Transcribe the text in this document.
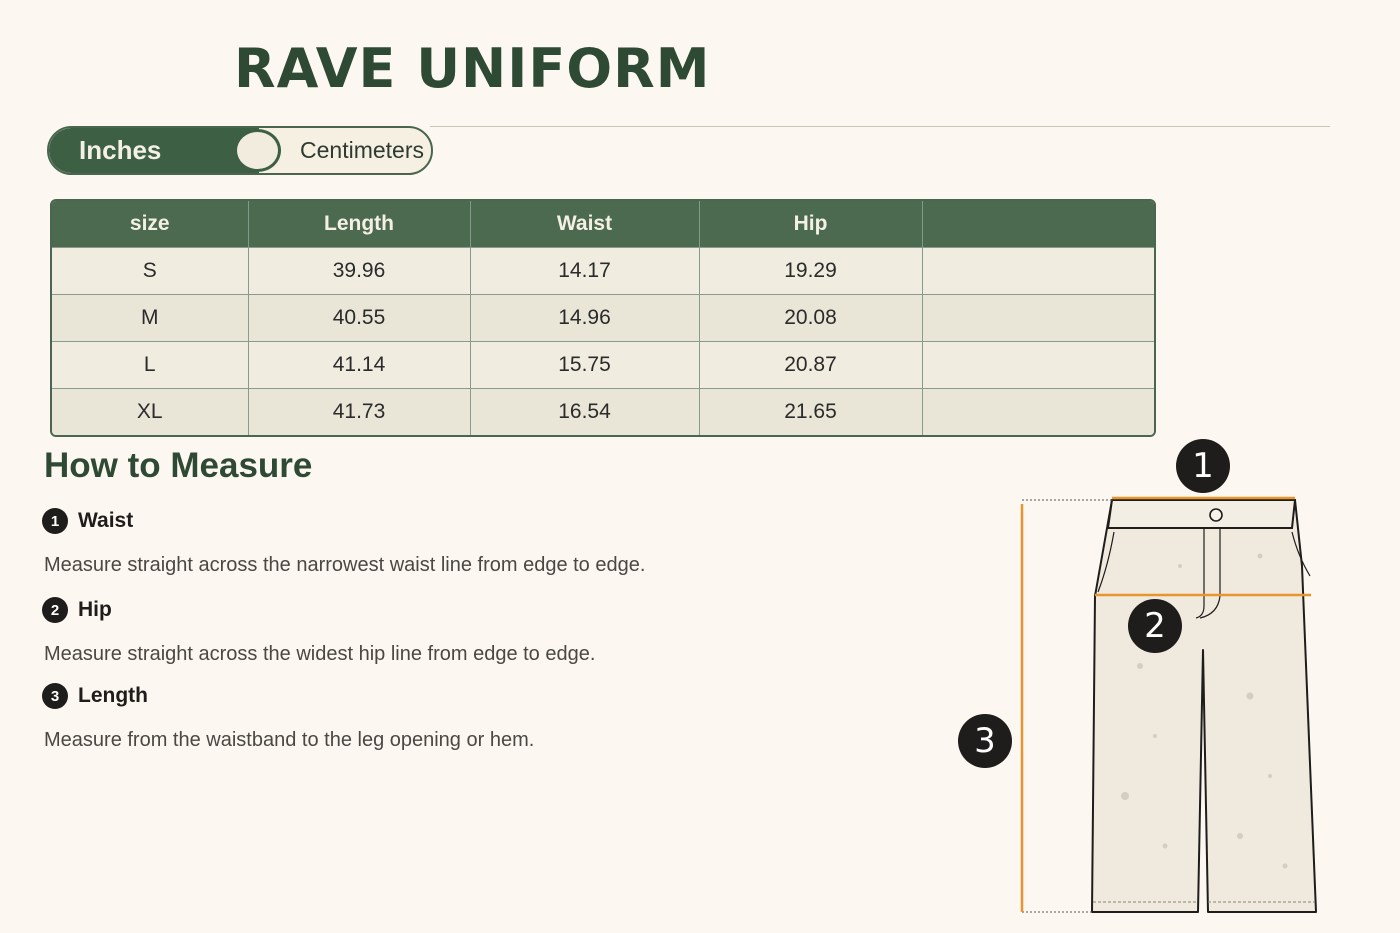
RAVE UNIFORM
Inches	Centimeters
size	Length	Waist	Hip	
S	39.96	14.17	19.29	
M	40.55	14.96	20.08	
L	41.14	15.75	20.87	
XL	41.73	16.54	21.65	
How to Measure
1 Waist
Measure straight across the narrowest waist line from edge to edge.
2 Hip
Measure straight across the widest hip line from edge to edge.
3 Length
Measure from the waistband to the leg opening or hem.
1
2
3
